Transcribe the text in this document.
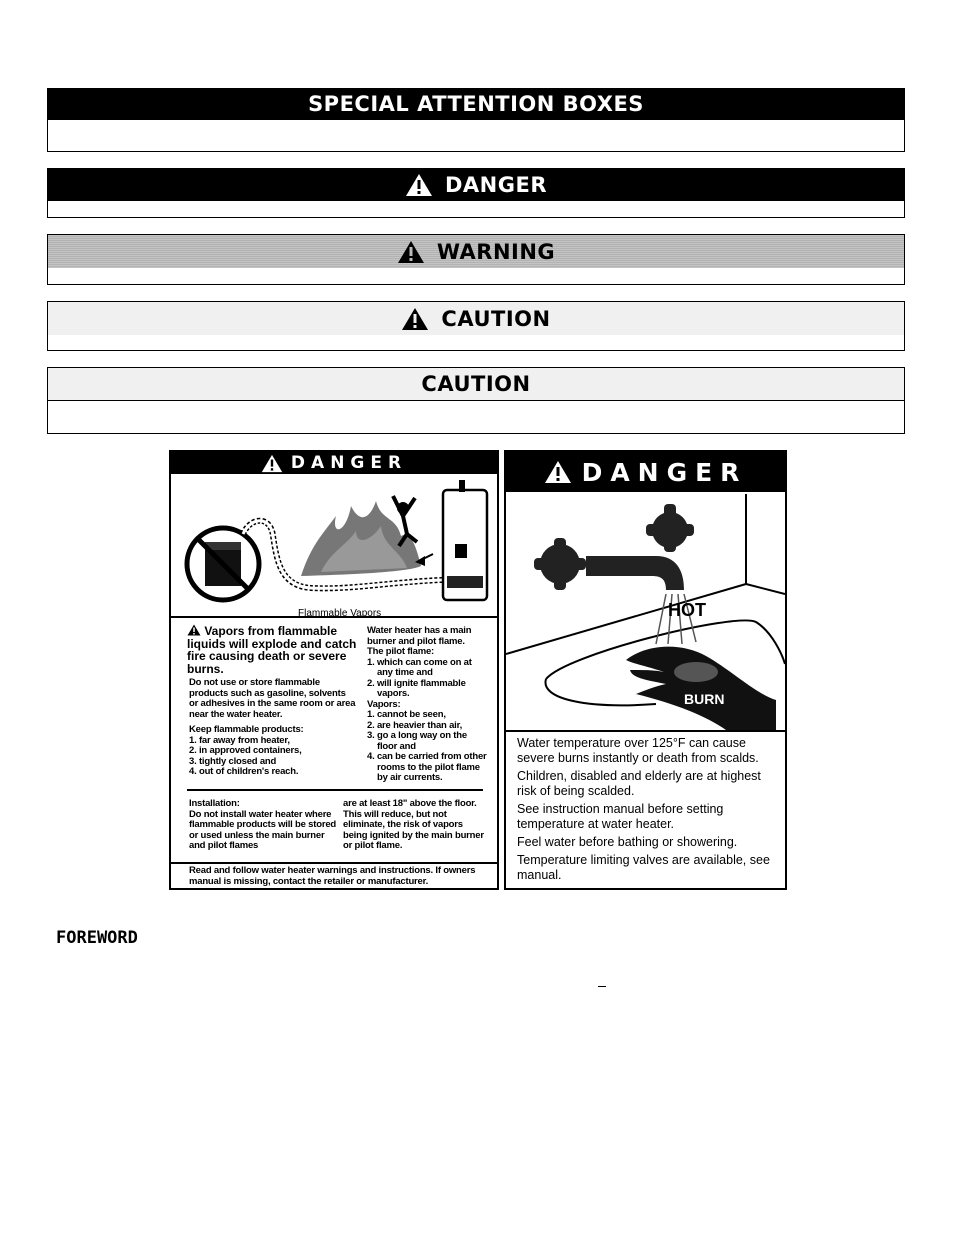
SPECIAL ATTENTION BOXES
DANGER
WARNING
CAUTION
CAUTION
DANGER
Flammable Vapors
Vapors from flammable liquids will explode and catch fire causing death or severe burns.
Do not use or store flammable products such as gasoline, solvents or adhesives in the same room or area near the water heater.
Keep flammable products:
1. far away from heater,
2. in approved containers,
3. tightly closed and
4. out of children's reach.
Water heater has a main burner and pilot flame.
The pilot flame:
1. which can come on at any time and
2. will ignite flammable vapors.
Vapors:
1. cannot be seen,
2. are heavier than air,
3. go a long way on the floor and
4. can be carried from other rooms to the pilot flame by air currents.
Installation:
Do not install water heater where flammable products will be stored or used unless the main burner and pilot flames
are at least 18" above the floor. This will reduce, but not eliminate, the risk of vapors being ignited by the main burner or pilot flame.
Read and follow water heater warnings and instructions. If owners manual is missing, contact the retailer or manufacturer.
DANGER
HOT
BURN
Water temperature over 125°F can cause severe burns instantly or death from scalds.
Children, disabled and elderly are at highest risk of being scalded.
See instruction manual before setting temperature at water heater.
Feel water before bathing or showering.
Temperature limiting valves are available, see manual.
FOREWORD
